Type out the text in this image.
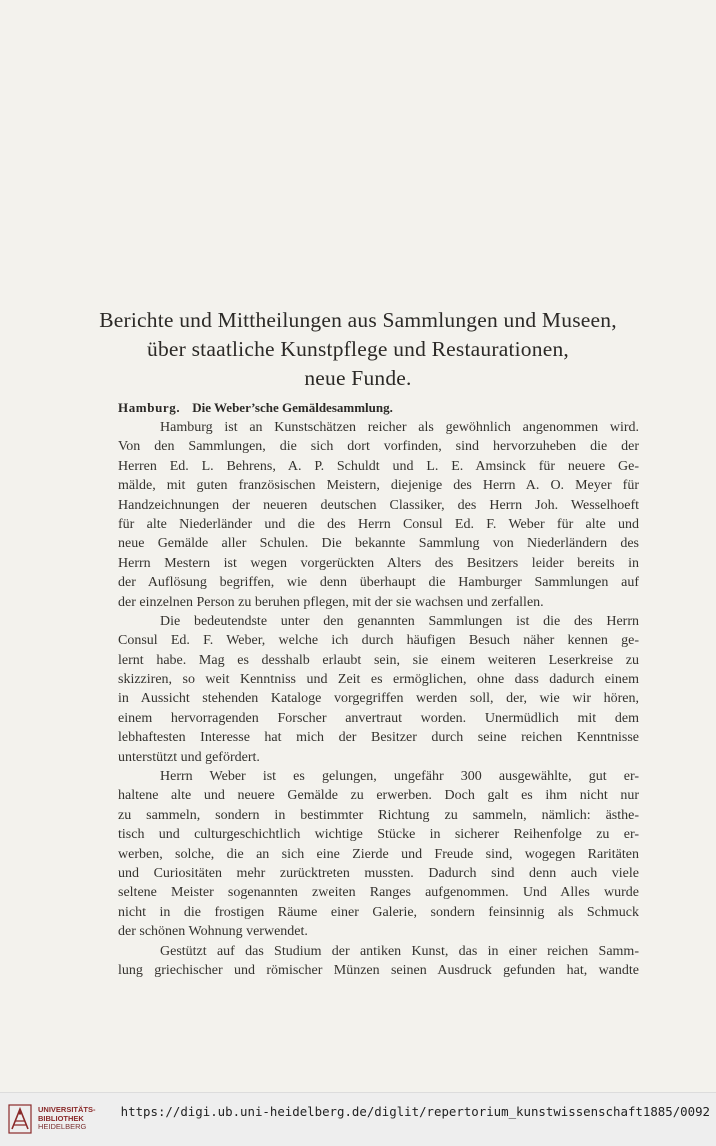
Berichte und Mittheilungen aus Sammlungen und Museen,
über staatliche Kunstpflege und Restaurationen,
neue Funde.
Hamburg. Die Weber’sche Gemäldesammlung.
Hamburg ist an Kunstschätzen reicher als gewöhnlich angenommen wird.
Von den Sammlungen, die sich dort vorfinden, sind hervorzuheben die der
Herren Ed. L. Behrens, A. P. Schuldt und L. E. Amsinck für neuere Ge-
mälde, mit guten französischen Meistern, diejenige des Herrn A. O. Meyer für
Handzeichnungen der neueren deutschen Classiker, des Herrn Joh. Wesselhoeft
für alte Niederländer und die des Herrn Consul Ed. F. Weber für alte und
neue Gemälde aller Schulen. Die bekannte Sammlung von Niederländern des
Herrn Mestern ist wegen vorgerückten Alters des Besitzers leider bereits in
der Auflösung begriffen, wie denn überhaupt die Hamburger Sammlungen auf
der einzelnen Person zu beruhen pflegen, mit der sie wachsen und zerfallen.
Die bedeutendste unter den genannten Sammlungen ist die des Herrn
Consul Ed. F. Weber, welche ich durch häufigen Besuch näher kennen ge-
lernt habe. Mag es desshalb erlaubt sein, sie einem weiteren Leserkreise zu
skizziren, so weit Kenntniss und Zeit es ermöglichen, ohne dass dadurch einem
in Aussicht stehenden Kataloge vorgegriffen werden soll, der, wie wir hören,
einem hervorragenden Forscher anvertraut worden. Unermüdlich mit dem
lebhaftesten Interesse hat mich der Besitzer durch seine reichen Kenntnisse
unterstützt und gefördert.
Herrn Weber ist es gelungen, ungefähr 300 ausgewählte, gut er-
haltene alte und neuere Gemälde zu erwerben. Doch galt es ihm nicht nur
zu sammeln, sondern in bestimmter Richtung zu sammeln, nämlich: ästhe-
tisch und culturgeschichtlich wichtige Stücke in sicherer Reihenfolge zu er-
werben, solche, die an sich eine Zierde und Freude sind, wogegen Raritäten
und Curiositäten mehr zurücktreten mussten. Dadurch sind denn auch viele
seltene Meister sogenannten zweiten Ranges aufgenommen. Und Alles wurde
nicht in die frostigen Räume einer Galerie, sondern feinsinnig als Schmuck
der schönen Wohnung verwendet.
Gestützt auf das Studium der antiken Kunst, das in einer reichen Samm-
lung griechischer und römischer Münzen seinen Ausdruck gefunden hat, wandte
UNIVERSITÄTS-
BIBLIOTHEK
HEIDELBERG
https://digi.ub.uni-heidelberg.de/diglit/repertorium_kunstwissenschaft1885/0092
